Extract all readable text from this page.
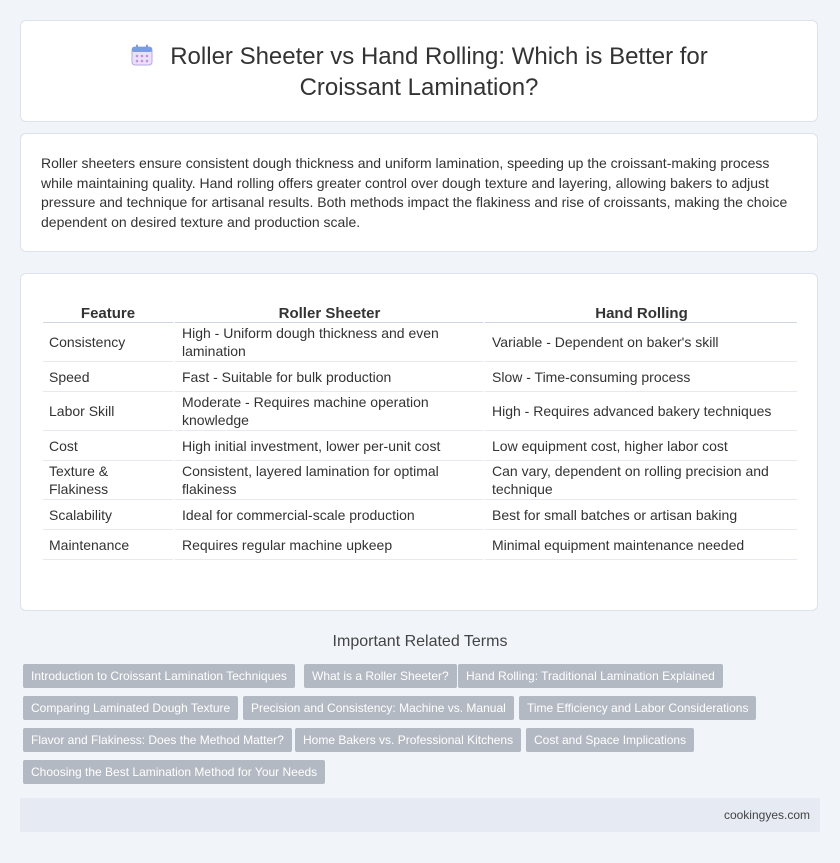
Roller Sheeter vs Hand Rolling: Which is Better for Croissant Lamination?

Roller sheeters ensure consistent dough thickness and uniform lamination, speeding up the croissant-making process while maintaining quality. Hand rolling offers greater control over dough texture and layering, allowing bakers to adjust pressure and technique for artisanal results. Both methods impact the flakiness and rise of croissants, making the choice dependent on desired texture and production scale.

Feature	Roller Sheeter	Hand Rolling
Consistency	High - Uniform dough thickness and even lamination	Variable - Dependent on baker's skill
Speed	Fast - Suitable for bulk production	Slow - Time-consuming process
Labor Skill	Moderate - Requires machine operation knowledge	High - Requires advanced bakery techniques
Cost	High initial investment, lower per-unit cost	Low equipment cost, higher labor cost
Texture & Flakiness	Consistent, layered lamination for optimal flakiness	Can vary, dependent on rolling precision and technique
Scalability	Ideal for commercial-scale production	Best for small batches or artisan baking
Maintenance	Requires regular machine upkeep	Minimal equipment maintenance needed
Important Related Terms
Introduction to Croissant Lamination Techniques	What is a Roller Sheeter?	Hand Rolling: Traditional Lamination Explained
Comparing Laminated Dough Texture	Precision and Consistency: Machine vs. Manual	Time Efficiency and Labor Considerations
Flavor and Flakiness: Does the Method Matter?	Home Bakers vs. Professional Kitchens	Cost and Space Implications
Choosing the Best Lamination Method for Your Needs
cookingyes.com
